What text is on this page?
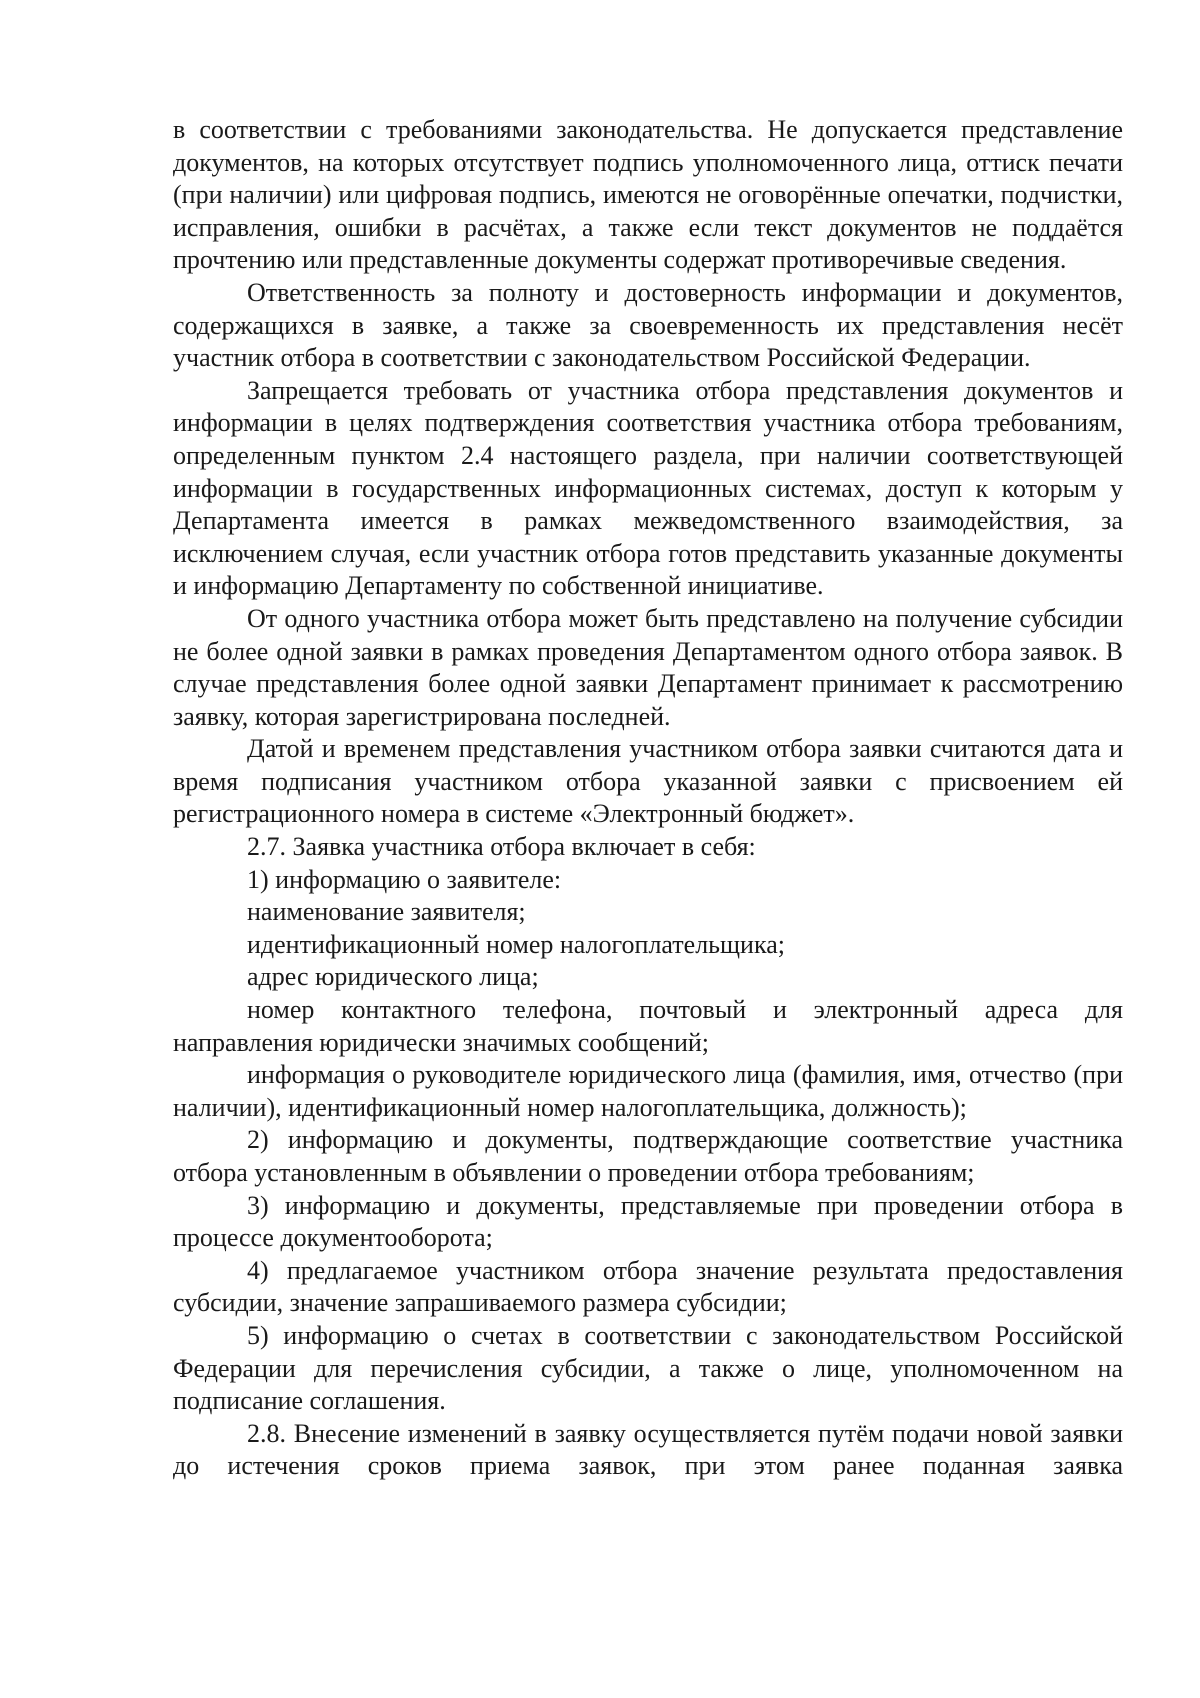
в соответствии с требованиями законодательства. Не допускается представление документов, на которых отсутствует подпись уполномоченного лица, оттиск печати (при наличии) или цифровая подпись, имеются не оговорённые опечатки, подчистки, исправления, ошибки в расчётах, а также если текст документов не поддаётся прочтению или представленные документы содержат противоречивые сведения.

Ответственность за полноту и достоверность информации и документов, содержащихся в заявке, а также за своевременность их представления несёт участник отбора в соответствии с законодательством Российской Федерации.

Запрещается требовать от участника отбора представления документов и информации в целях подтверждения соответствия участника отбора требованиям, определенным пунктом 2.4 настоящего раздела, при наличии соответствующей информации в государственных информационных системах, доступ к которым у Департамента имеется в рамках межведомственного взаимодействия, за исключением случая, если участник отбора готов представить указанные документы и информацию Департаменту по собственной инициативе.

От одного участника отбора может быть представлено на получение субсидии не более одной заявки в рамках проведения Департаментом одного отбора заявок. В случае представления более одной заявки Департамент принимает к рассмотрению заявку, которая зарегистрирована последней.

Датой и временем представления участником отбора заявки считаются дата и время подписания участником отбора указанной заявки с присвоением ей регистрационного номера в системе «Электронный бюджет».

2.7. Заявка участника отбора включает в себя:

1) информацию о заявителе:

наименование заявителя;

идентификационный номер налогоплательщика;

адрес юридического лица;

номер контактного телефона, почтовый и электронный адреса для направления юридически значимых сообщений;

информация о руководителе юридического лица (фамилия, имя, отчество (при наличии), идентификационный номер налогоплательщика, должность);

2) информацию и документы, подтверждающие соответствие участника отбора установленным в объявлении о проведении отбора требованиям;

3) информацию и документы, представляемые при проведении отбора в процессе документооборота;

4) предлагаемое участником отбора значение результата предоставления субсидии, значение запрашиваемого размера субсидии;

5) информацию о счетах в соответствии с законодательством Российской Федерации для перечисления субсидии, а также о лице, уполномоченном на подписание соглашения.

2.8. Внесение изменений в заявку осуществляется путём подачи новой заявки до истечения сроков приема заявок, при этом ранее поданная заявка
